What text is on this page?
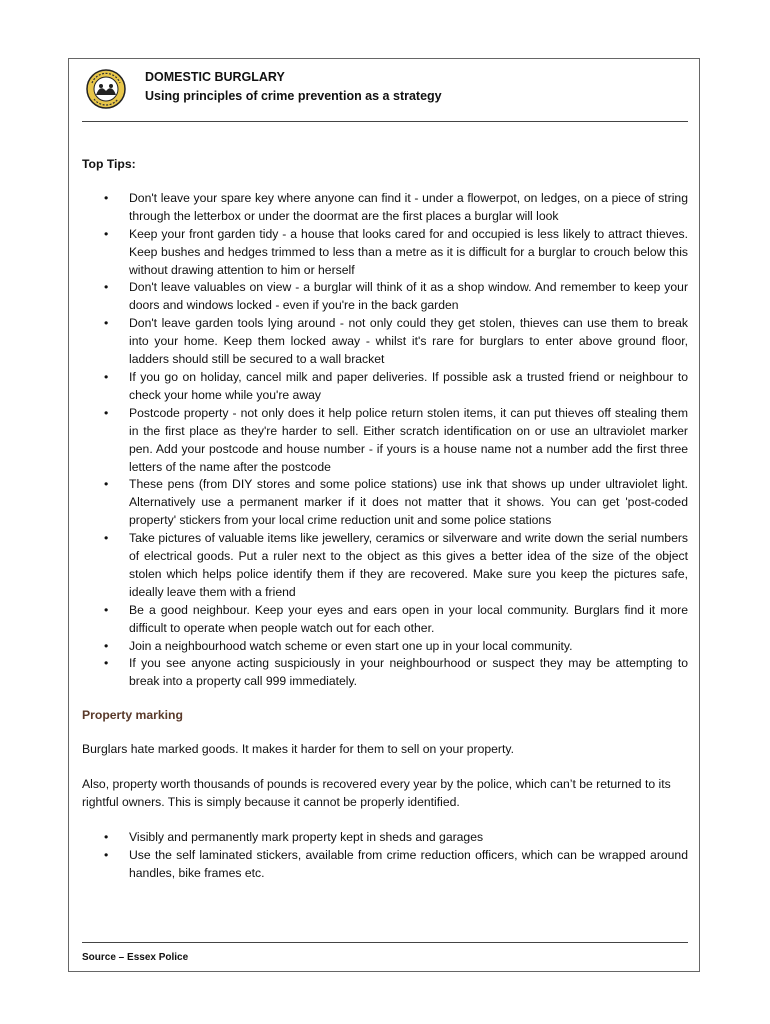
DOMESTIC BURGLARY
Using principles of crime prevention as a strategy
Top Tips:
• Don't leave your spare key where anyone can find it - under a flowerpot, on ledges, on a piece of string through the letterbox or under the doormat are the first places a burglar will look
• Keep your front garden tidy - a house that looks cared for and occupied is less likely to attract thieves. Keep bushes and hedges trimmed to less than a metre as it is difficult for a burglar to crouch below this without drawing attention to him or herself
• Don't leave valuables on view - a burglar will think of it as a shop window. And remember to keep your doors and windows locked - even if you're in the back garden
• Don't leave garden tools lying around - not only could they get stolen, thieves can use them to break into your home. Keep them locked away - whilst it's rare for burglars to enter above ground floor, ladders should still be secured to a wall bracket
• If you go on holiday, cancel milk and paper deliveries. If possible ask a trusted friend or neighbour to check your home while you're away
• Postcode property - not only does it help police return stolen items, it can put thieves off stealing them in the first place as they're harder to sell. Either scratch identification on or use an ultraviolet marker pen. Add your postcode and house number - if yours is a house name not a number add the first three letters of the name after the postcode
• These pens (from DIY stores and some police stations) use ink that shows up under ultraviolet light. Alternatively use a permanent marker if it does not matter that it shows. You can get 'post-coded property' stickers from your local crime reduction unit and some police stations
• Take pictures of valuable items like jewellery, ceramics or silverware and write down the serial numbers of electrical goods. Put a ruler next to the object as this gives a better idea of the size of the object stolen which helps police identify them if they are recovered. Make sure you keep the pictures safe, ideally leave them with a friend
• Be a good neighbour. Keep your eyes and ears open in your local community. Burglars find it more difficult to operate when people watch out for each other.
• Join a neighbourhood watch scheme or even start one up in your local community.
• If you see anyone acting suspiciously in your neighbourhood or suspect they may be attempting to break into a property call 999 immediately.
Property marking
Burglars hate marked goods. It makes it harder for them to sell on your property.
Also, property worth thousands of pounds is recovered every year by the police, which can’t be returned to its rightful owners. This is simply because it cannot be properly identified.
• Visibly and permanently mark property kept in sheds and garages
• Use the self laminated stickers, available from crime reduction officers, which can be wrapped around handles, bike frames etc.
Source – Essex Police
